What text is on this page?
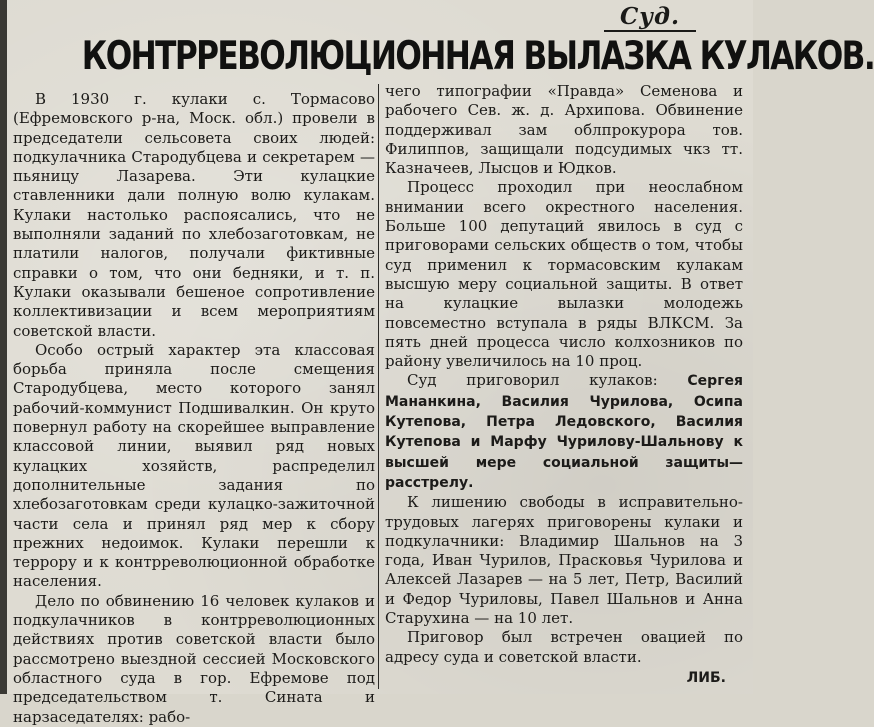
Суд.
КОНТРРЕВОЛЮЦИОННАЯ ВЫЛАЗКА КУЛАКОВ.

В 1930 г. кулаки с. Тормасово (Ефремовского р-на, Моск. обл.) провели в председатели сельсовета своих людей: подкулачника Стародубцева и секретарем — пьяницу Лазарева. Эти кулацкие ставленники дали полную волю кулакам. Кулаки настолько распоясались, что не выполняли заданий по хлебозаготовкам, не платили налогов, получали фиктивные справки о том, что они бедняки, и т. п. Кулаки оказывали бешеное сопротивление коллективизации и всем мероприятиям советской власти.

Особо острый характер эта классовая борьба приняла после смещения Стародубцева, место которого занял рабочий-коммунист Подшивалкин. Он круто повернул работу на скорейшее выправление классовой линии, выявил ряд новых кулацких хозяйств, распределил дополнительные задания по хлебозаготовкам среди кулацко-зажиточной части села и принял ряд мер к сбору прежних недоимок. Кулаки перешли к террору и к контрреволюционной обработке населения.

Дело по обвинению 16 человек кулаков и подкулачников в контрреволюционных действиях против советской власти было рассмотрено выездной сессией Московского областного суда в гор. Ефремове под председательством т. Сината и нарзаседателях: рабо-

чего типографии «Правда» Семенова и рабочего Сев. ж. д. Архипова. Обвинение поддерживал зам облпрокурора тов. Филиппов, защищали подсудимых чкз тт. Казначеев, Лысцов и Юдков.

Процесс проходил при неослабном внимании всего окрестного населения. Больше 100 депутаций явилось в суд с приговорами сельских обществ о том, чтобы суд применил к тормасовским кулакам высшую меру социальной защиты. В ответ на кулацкие вылазки молодежь повсеместно вступала в ряды ВЛКСМ. За пять дней процесса число колхозников по району увеличилось на 10 проц.

Суд приговорил кулаков: Сергея Мананкина, Василия Чурилова, Осипа Кутепова, Петра Ледовского, Василия Кутепова и Марфу Чурилову-Шальнову к высшей мере социальной защиты—расстрелу.

К лишению свободы в исправительно-трудовых лагерях приговорены кулаки и подкулачники: Владимир Шальнов на 3 года, Иван Чурилов, Прасковья Чурилова и Алексей Лазарев — на 5 лет, Петр, Василий и Федор Чуриловы, Павел Шальнов и Анна Старухина — на 10 лет.

Приговор был встречен овацией по адресу суда и советской власти.

ЛИБ.
